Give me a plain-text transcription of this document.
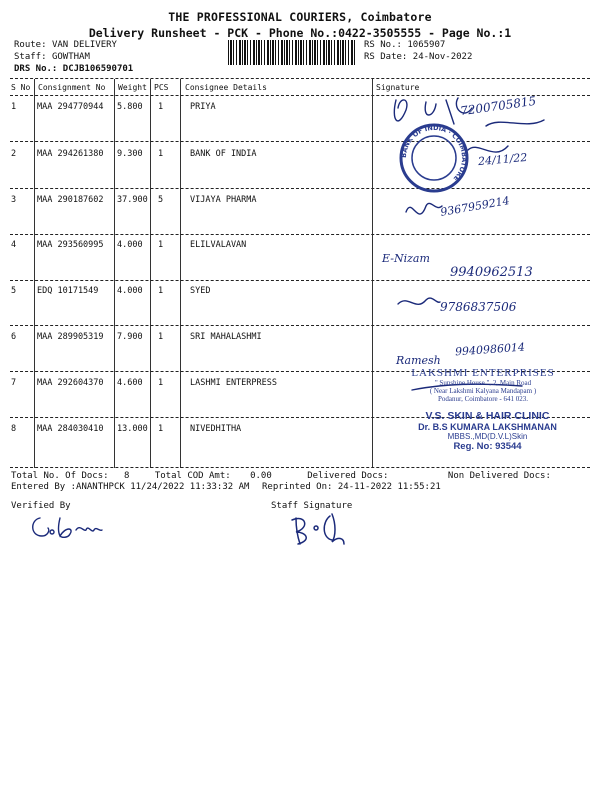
THE PROFESSIONAL COURIERS, Coimbatore
Delivery Runsheet - PCK - Phone No.:0422-3505555 - Page No.:1
Route: VAN DELIVERY
Staff: GOWTHAM
DRS No.: DCJB106590701
RS No.: 1065907
RS Date: 24-Nov-2022
S No Consignment No Weight PCS Consignee Details	Signature
1 MAA 294770944 5.800 1	PRIYA
2 MAA 294261380 9.300 1	BANK OF INDIA
3 MAA 290187602 37.900 5	VIJAYA PHARMA
4 MAA 293560995 4.000 1	ELILVALAVAN
5 EDQ 10171549 4.000 1	SYED
6 MAA 289905319 7.900 1	SRI MAHALASHMI
7 MAA 292604370 4.600 1	LASHMI ENTERPRESS
8 MAA 284030410 13.000 1	NIVEDHITHA
BANK OF INDIA · COIMBATORE
7200705815
24/11/22
9367959214
E-Nizam
9940962513
9786837506
Ramesh
9940986014
LAKSHMI ENTERPRISES
" Sunshine House ", 2, Main Road
( Near Lakshmi Kalyana Mandapam )
Podanur, Coimbatore - 641 023.
V.S. SKIN & HAIR CLINIC
Dr. B.S KUMARA LAKSHMANAN
MBBS.,MD(D.V.L)Skin
Reg. No: 93544
Total No. Of Docs: 8	Total COD Amt: 0.00	Delivered Docs:	Non Delivered Docs:
Entered By :ANANTHPCK 11/24/2022 11:33:32 AM Reprinted On: 24-11-2022 11:55:21
Verified By	Staff Signature
